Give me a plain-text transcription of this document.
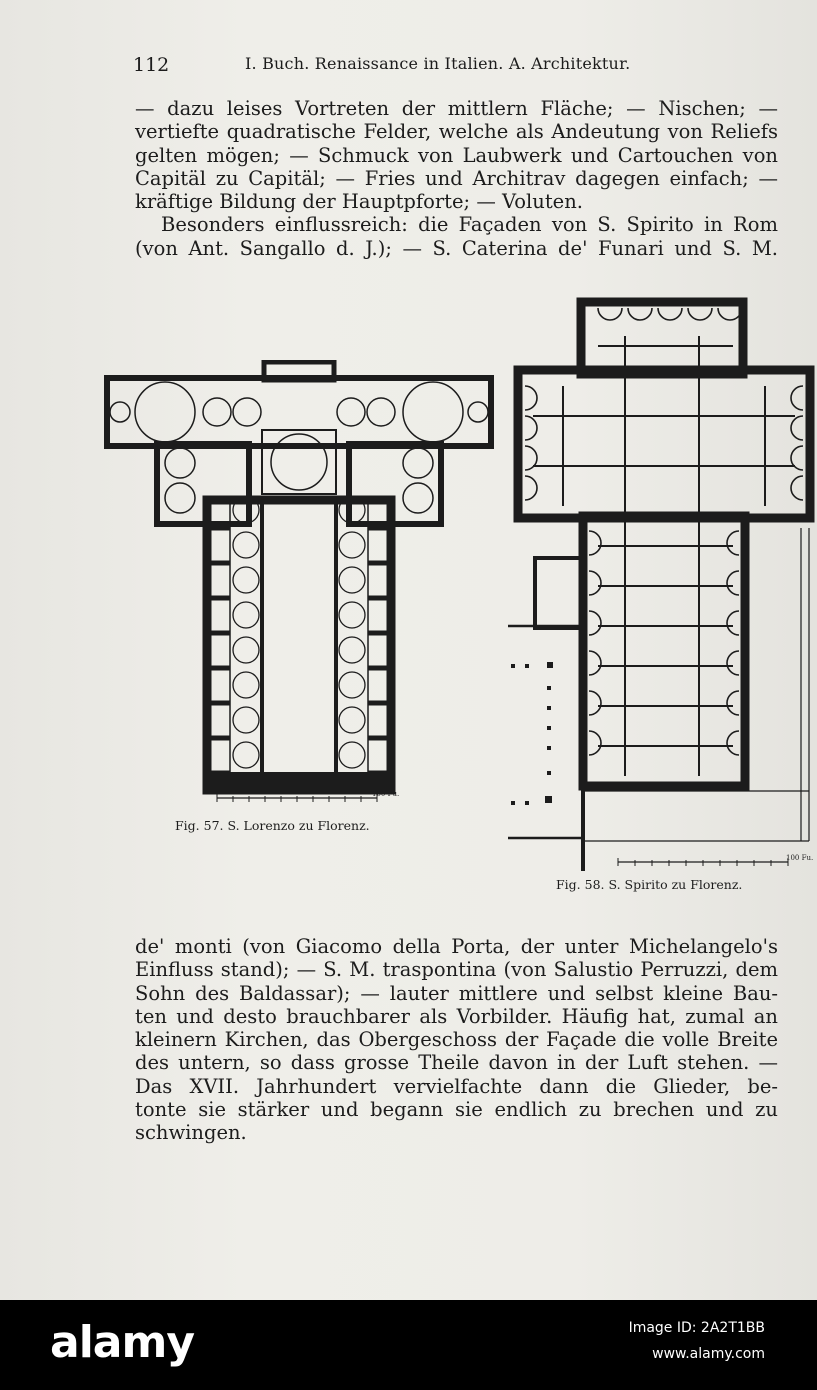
112	I. Buch. Renaissance in Italien. A. Architektur.
— dazu leises Vortreten der mittlern Fläche; — Nischen; —
vertiefte quadratische Felder, welche als Andeutung von Reliefs
gelten mögen; — Schmuck von Laubwerk und Cartouchen von
Capitäl zu Capitäl; — Fries und Architrav dagegen einfach; —
kräftige Bildung der Hauptpforte; — Voluten.
Besonders einflussreich: die Façaden von S. Spirito in Rom
(von Ant. Sangallo d. J.); — S. Caterina de' Funari und S. M.
100 Fu.
Fig. 57. S. Lorenzo zu Florenz.
100 Fu.
Fig. 58. S. Spirito zu Florenz.
de' monti (von Giacomo della Porta, der unter Michelangelo's
Einfluss stand); — S. M. traspontina (von Salustio Perruzzi, dem
Sohn des Baldassar); — lauter mittlere und selbst kleine Bau-
ten und desto brauchbarer als Vorbilder. Häufig hat, zumal an
kleinern Kirchen, das Obergeschoss der Façade die volle Breite
des untern, so dass grosse Theile davon in der Luft stehen. —
Das XVII. Jahrhundert vervielfachte dann die Glieder, be-
tonte sie stärker und begann sie endlich zu brechen und zu
schwingen.
alamy	Image ID: 2A2T1BB
www.alamy.com
